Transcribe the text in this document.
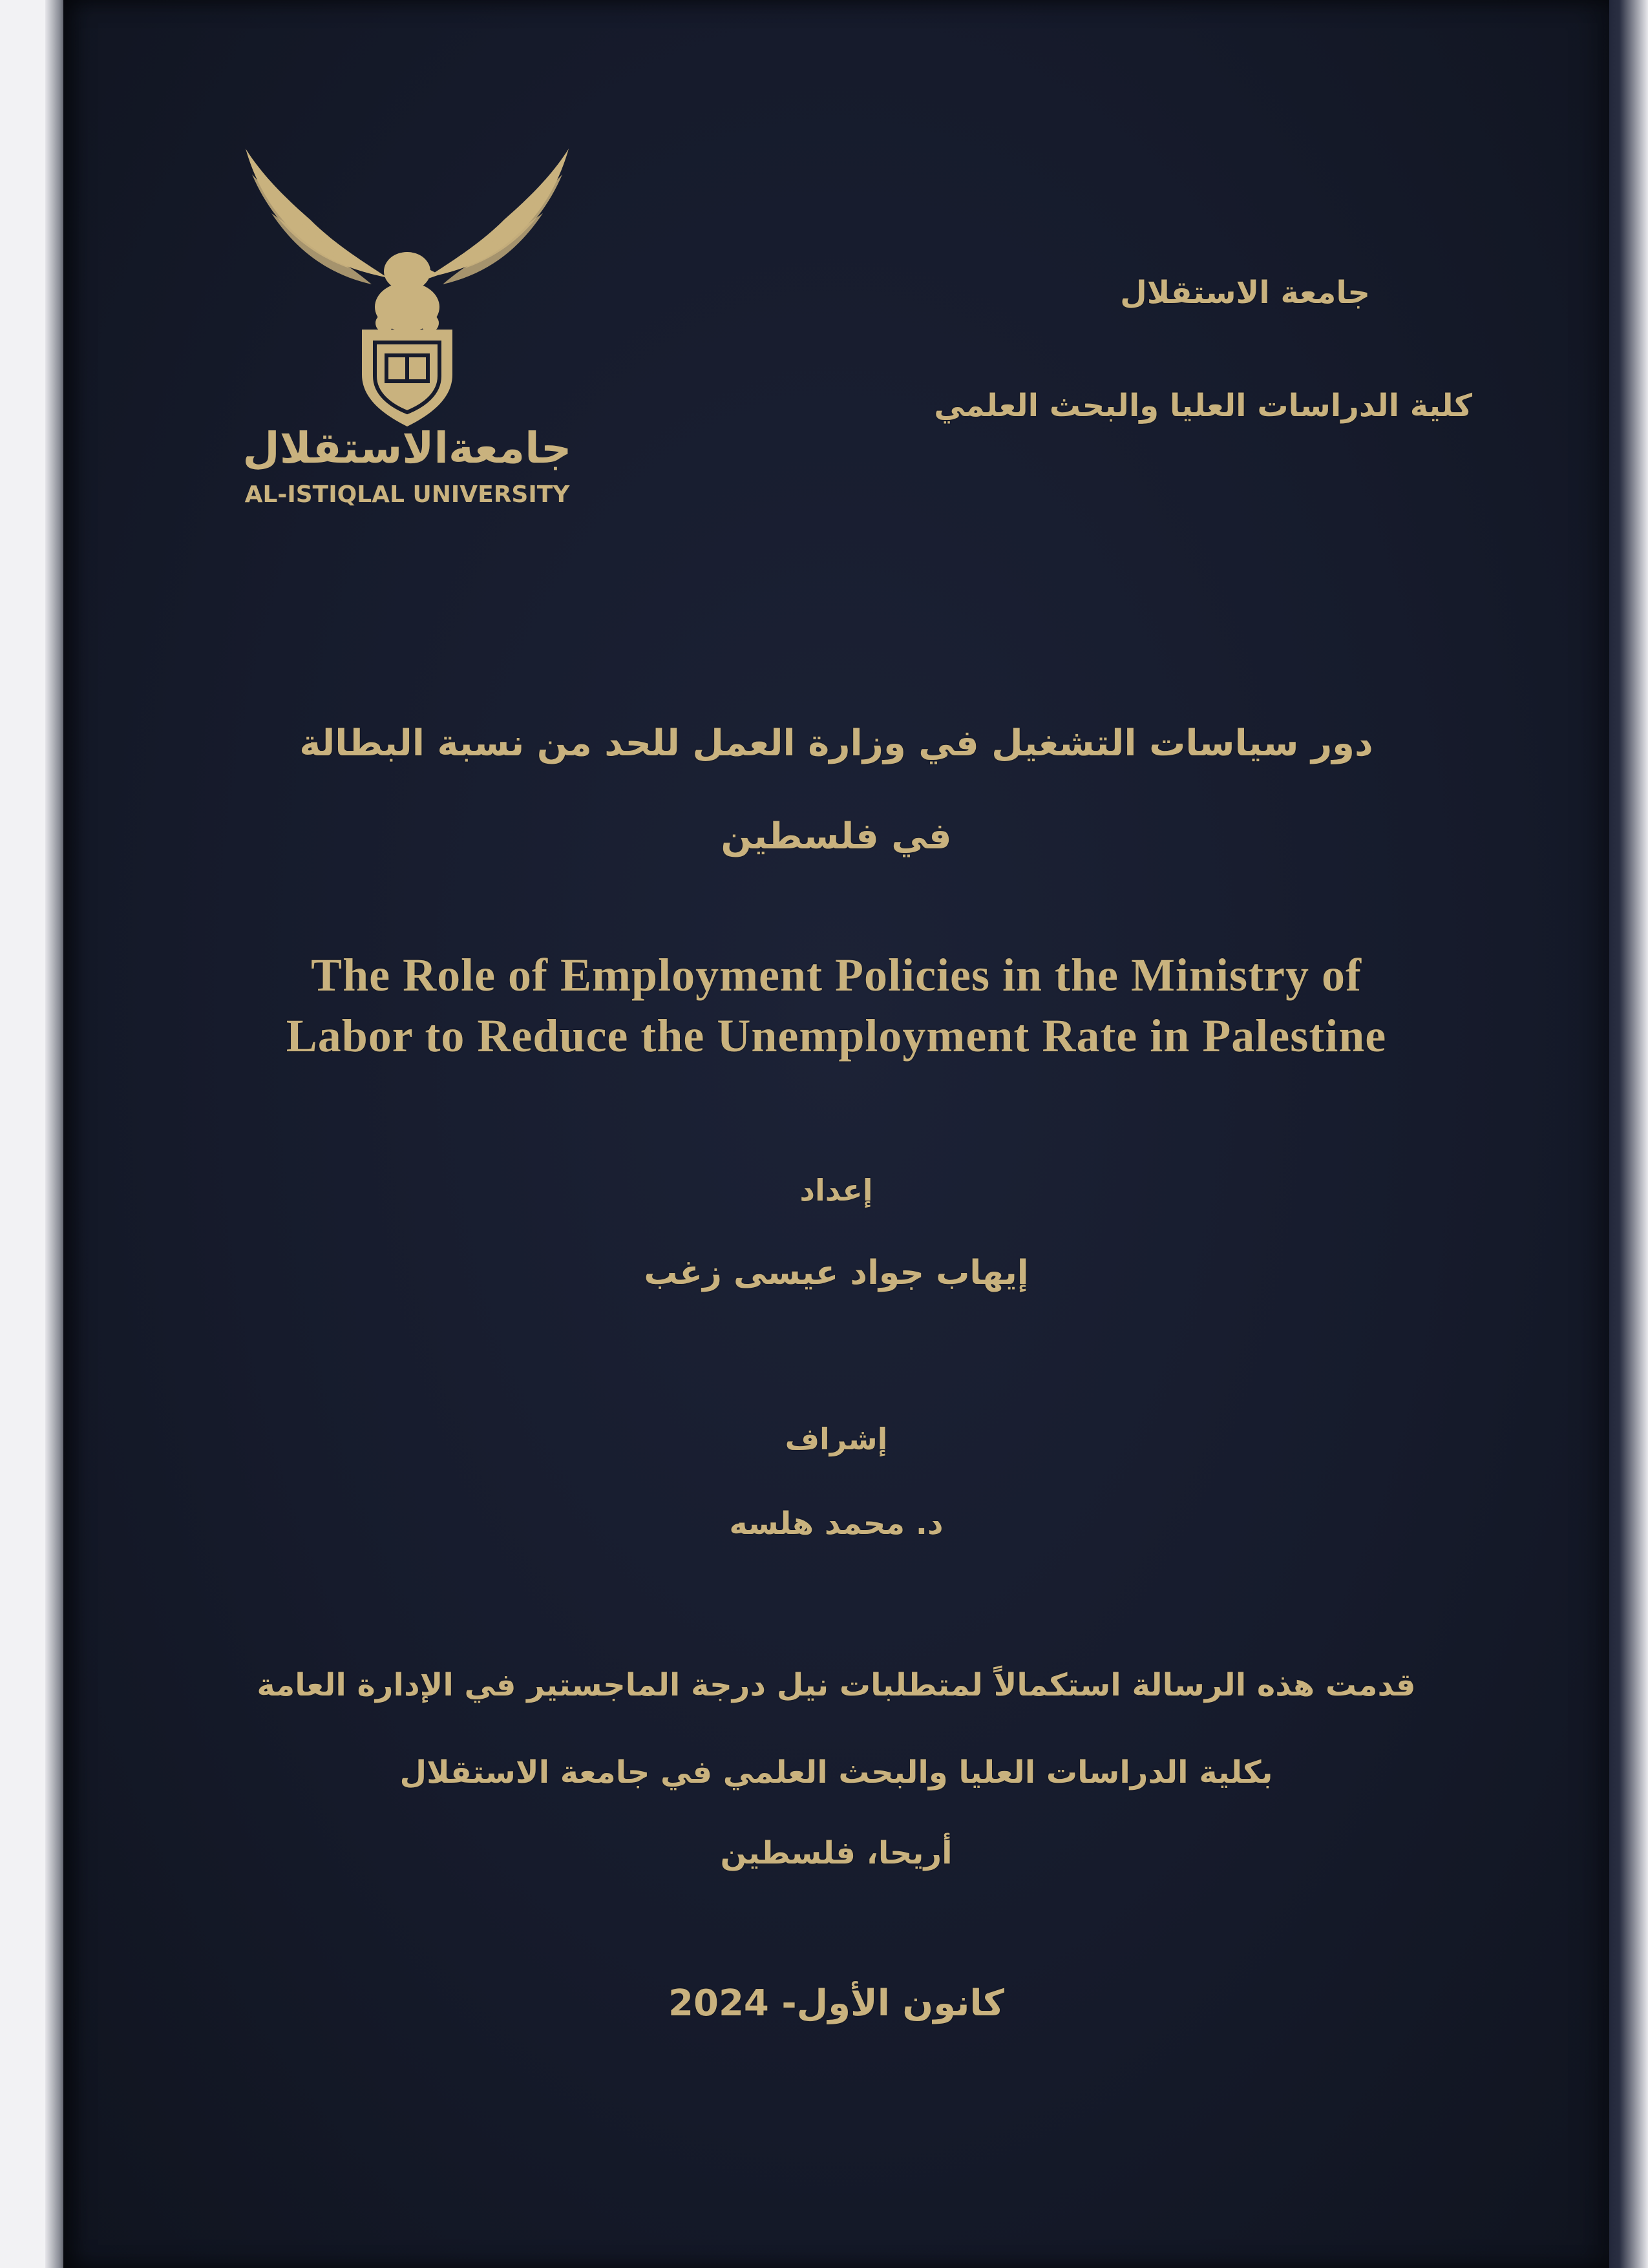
جامعةالاستقلال
AL-ISTIQLAL UNIVERSITY
جامعة الاستقلال
كلية الدراسات العليا والبحث العلمي
دور سياسات التشغيل في وزارة العمل للحد من نسبة البطالة
في فلسطين
The Role of Employment Policies in the Ministry of
Labor to Reduce the Unemployment Rate in Palestine
إعداد
إيهاب جواد عيسى زغب
إشراف
د. محمد هلسه
قدمت هذه الرسالة استكمالاً لمتطلبات نيل درجة الماجستير في الإدارة العامة
بكلية الدراسات العليا والبحث العلمي في جامعة الاستقلال
أريحا، فلسطين
كانون الأول- 2024
